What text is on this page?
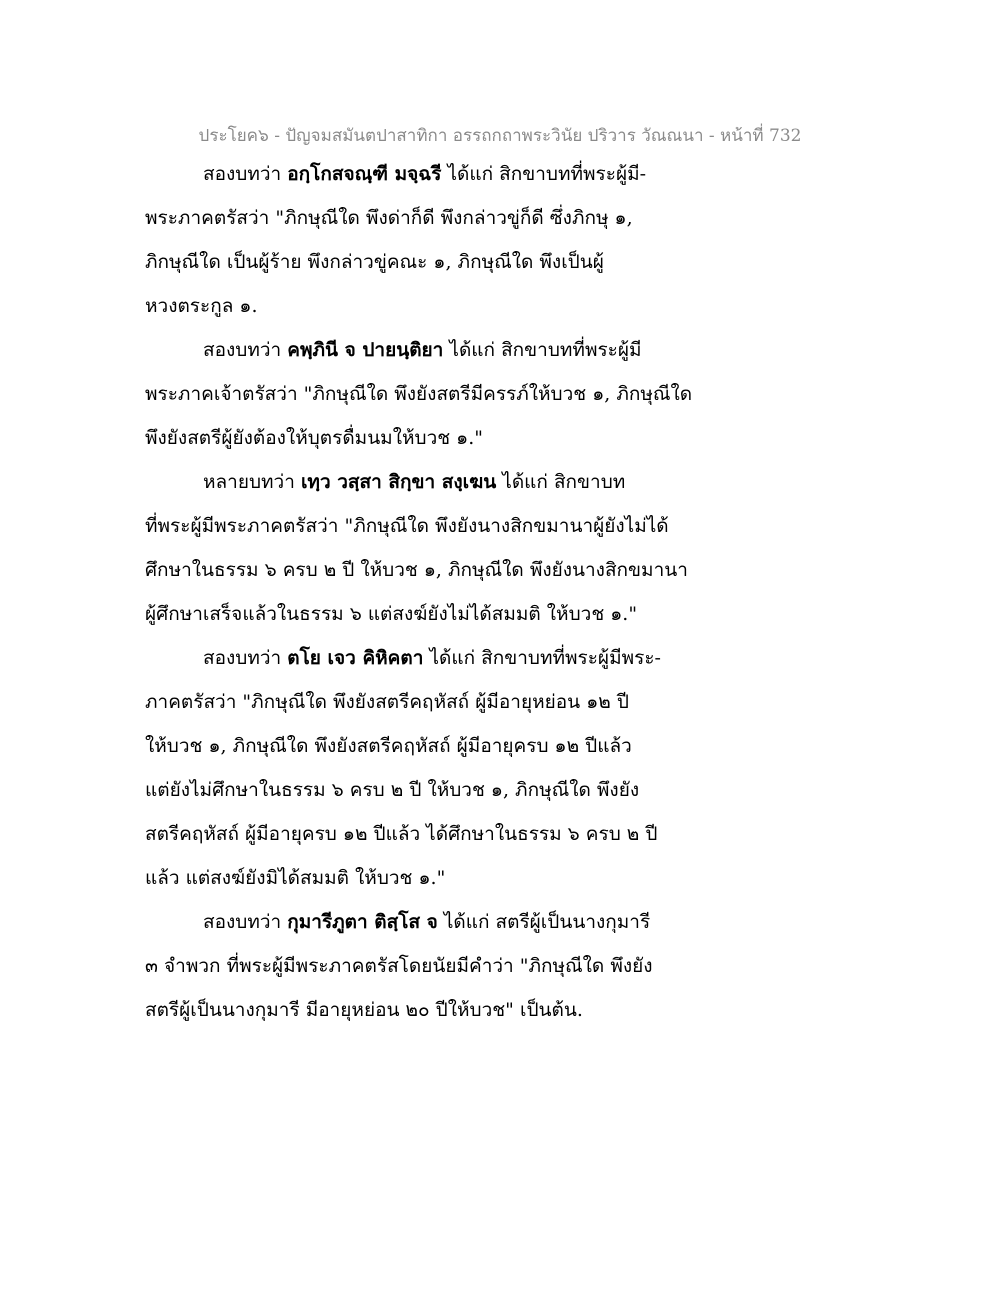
ประโยค๖ - ปัญจมสมันตปาสาทิกา อรรถกถาพระวินัย ปริวาร วัณณนา - หน้าที่ 732
สองบทว่า อกฺโกสจณฺฑี มจฺฉรี ได้แก่ สิกขาบทที่พระผู้มี-
พระภาคตรัสว่า "ภิกษุณีใด พึงด่าก็ดี พึงกล่าวขู่ก็ดี ซึ่งภิกษุ ๑,
ภิกษุณีใด เป็นผู้ร้าย พึงกล่าวขู่คณะ ๑, ภิกษุณีใด พึงเป็นผู้
หวงตระกูล ๑.
สองบทว่า คพฺภินี จ ปายนฺติยา ได้แก่ สิกขาบทที่พระผู้มี
พระภาคเจ้าตรัสว่า "ภิกษุณีใด พึงยังสตรีมีครรภ์ให้บวช ๑, ภิกษุณีใด
พึงยังสตรีผู้ยังต้องให้บุตรดื่มนมให้บวช ๑."
หลายบทว่า เทฺว วสฺสา สิกฺขา สงฺเฆน ได้แก่ สิกขาบท
ที่พระผู้มีพระภาคตรัสว่า "ภิกษุณีใด พึงยังนางสิกขมานาผู้ยังไม่ได้
ศึกษาในธรรม ๖ ครบ ๒ ปี ให้บวช ๑, ภิกษุณีใด พึงยังนางสิกขมานา
ผู้ศึกษาเสร็จแล้วในธรรม ๖ แต่สงฆ์ยังไม่ได้สมมติ ให้บวช ๑."
สองบทว่า ตโย เจว คิหิคตา ได้แก่ สิกขาบทที่พระผู้มีพระ-
ภาคตรัสว่า "ภิกษุณีใด พึงยังสตรีคฤหัสถ์ ผู้มีอายุหย่อน ๑๒ ปี
ให้บวช ๑, ภิกษุณีใด พึงยังสตรีคฤหัสถ์ ผู้มีอายุครบ ๑๒ ปีแล้ว
แต่ยังไม่ศึกษาในธรรม ๖ ครบ ๒ ปี ให้บวช ๑, ภิกษุณีใด พึงยัง
สตรีคฤหัสถ์ ผู้มีอายุครบ ๑๒ ปีแล้ว ได้ศึกษาในธรรม ๖ ครบ ๒ ปี
แล้ว แต่สงฆ์ยังมิได้สมมติ ให้บวช ๑."
สองบทว่า กุมารีภูตา ติสฺโส จ ได้แก่ สตรีผู้เป็นนางกุมารี
๓ จำพวก ที่พระผู้มีพระภาคตรัสโดยนัยมีคำว่า "ภิกษุณีใด พึงยัง
สตรีผู้เป็นนางกุมารี มีอายุหย่อน ๒๐ ปีให้บวช" เป็นต้น.
